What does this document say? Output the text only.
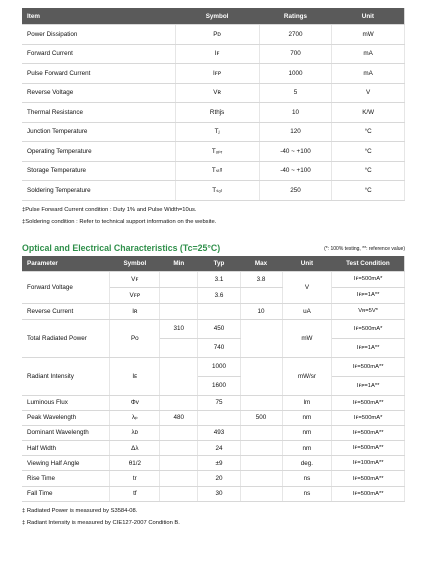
Item	Symbol	Ratings	Unit
Power Dissipation	Pᴅ	2700	mW
Forward Current	Iꜰ	700	mA
Pulse Forward Current	Iꜰᴘ	1000	mA
Reverse Voltage	Vʀ	5	V
Thermal Resistance	Rthĵs	10	K/W
Junction Temperature	Tⱼ	120	°C
Operating Temperature	Tₒₚᵣ	-40 ~ +100	°C
Storage Temperature	Tₛₜᵍ	-40 ~ +100	°C
Soldering Temperature	Tₛₒₗ	250	°C
‡Pulse Forward Current condition : Duty 1% and Pulse Width=10us.
‡Soldering condition : Refer to technical support information on the website.
Optical and Electrical Characteristics (Tc=25°C)	(*: 100% testing, **: reference value)
Parameter	Symbol	Min	Typ	Max	Unit	Test Condition
Forward Voltage	Vꜰ		3.1	3.8	V	Iꜰ=500mA*
	Vꜰᴘ		3.6			Iꜰᴘ=1A**
Reverse Current	Iʀ			10	uA	Vʀ=5V*
Total Radiated Power	Pᴏ	310	450		mW	Iꜰ=500mA*
			740			Iꜰᴘ=1A**
Radiant Intensity	Iᴇ		1000		mW/sr	Iꜰ=500mA**
			1600			Iꜰᴘ=1A**
Luminous Flux	Φv		75		lm	Iꜰ=500mA**
Peak Wavelength	λₚ	480		500	nm	Iꜰ=500mA*
Dominant Wavelength	λᴅ		493		nm	Iꜰ=500mA**
Half Width	Δλ		24		nm	Iꜰ=500mA**
Viewing Half Angle	θ1/2		±9		deg.	Iꜰ=100mA**
Rise Time	tr		20		ns	Iꜰ=500mA**
Fall Time	tf		30		ns	Iꜰ=500mA**
‡ Radiated Power is measured by S3584-08.
‡ Radiant Intensity is measured by CIE127-2007 Condition B.
